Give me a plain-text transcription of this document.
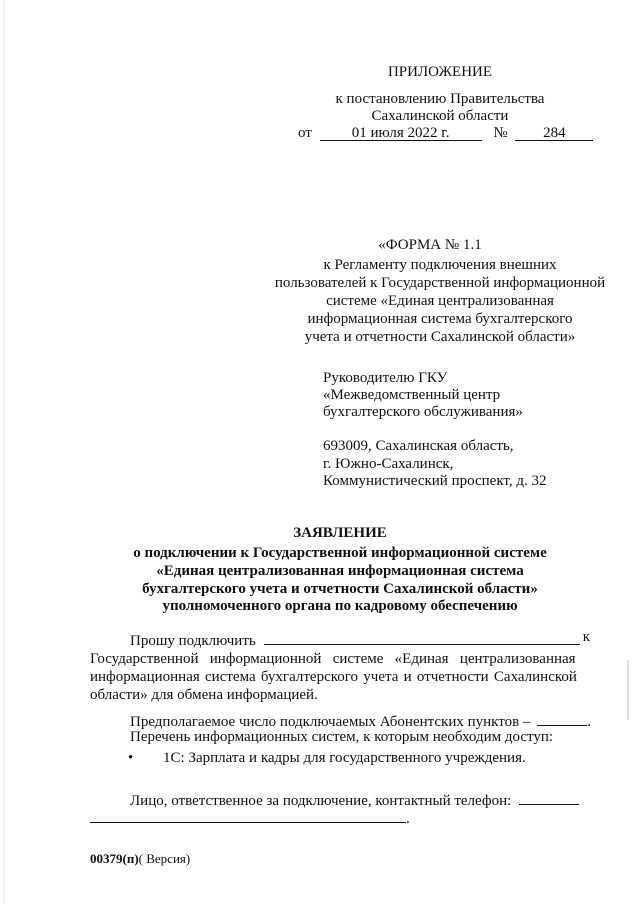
ПРИЛОЖЕНИЕ
к постановлению Правительства
Сахалинской области
от	01 июля 2022 г.	№ 284
«ФОРМА № 1.1
к Регламенту подключения внешних
пользователей к Государственной информационной
системе «Единая централизованная
информационная система бухгалтерского
учета и отчетности Сахалинской области»
Руководителю ГКУ
«Межведомственный центр
бухгалтерского обслуживания»
693009, Сахалинская область,
г. Южно-Сахалинск,
Коммунистический проспект, д. 32
ЗАЯВЛЕНИЕ
о подключении к Государственной информационной системе
«Единая централизованная информационная система
бухгалтерского учета и отчетности Сахалинской области»
уполномоченного органа по кадровому обеспечению
Прошу подключить	к
Государственной   информационной   системе   «Единая   централизованная
информационная система бухгалтерского учета и отчетности Сахалинской
области» для обмена информацией.
Предполагаемое число подключаемых Абонентских пунктов –	.
Перечень информационных систем, к которым необходим доступ:
• 1С: Зарплата и кадры для государственного учреждения.
Лицо, ответственное за подключение, контактный телефон:
.
00379(п)( Версия)
